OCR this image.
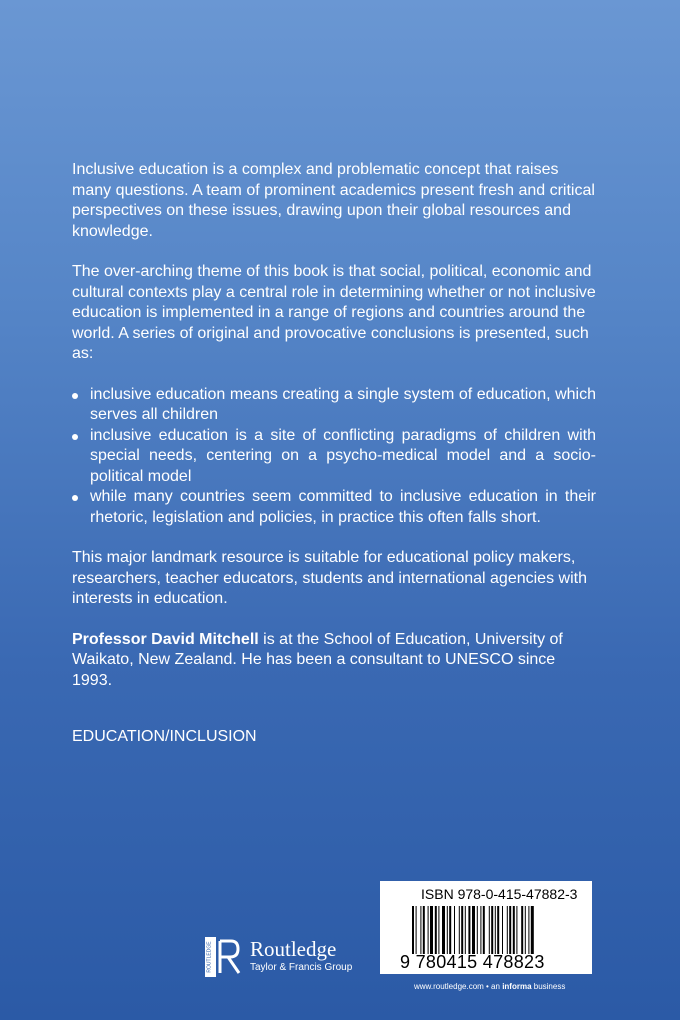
Inclusive education is a complex and problematic concept that raises many questions. A team of prominent academics present fresh and critical perspectives on these issues, drawing upon their global resources and knowledge.

The over-arching theme of this book is that social, political, economic and cultural contexts play a central role in determining whether or not inclusive education is implemented in a range of regions and countries around the world. A series of original and provocative conclusions is presented, such as:

inclusive education means creating a single system of education, which serves all children
inclusive education is a site of conflicting paradigms of children with special needs, centering on a psycho-medical model and a socio-political model
while many countries seem committed to inclusive education in their rhetoric, legislation and policies, in practice this often falls short.

This major landmark resource is suitable for educational policy makers, researchers, teacher educators, students and international agencies with interests in education.

Professor David Mitchell is at the School of Education, University of Waikato, New Zealand. He has been a consultant to UNESCO since 1993.

EDUCATION/INCLUSION
ROUTLEDGE Routledge
Taylor & Francis Group
ISBN 978-0-415-47882-3
9 780415 478823
www.routledge.com • an informa business
